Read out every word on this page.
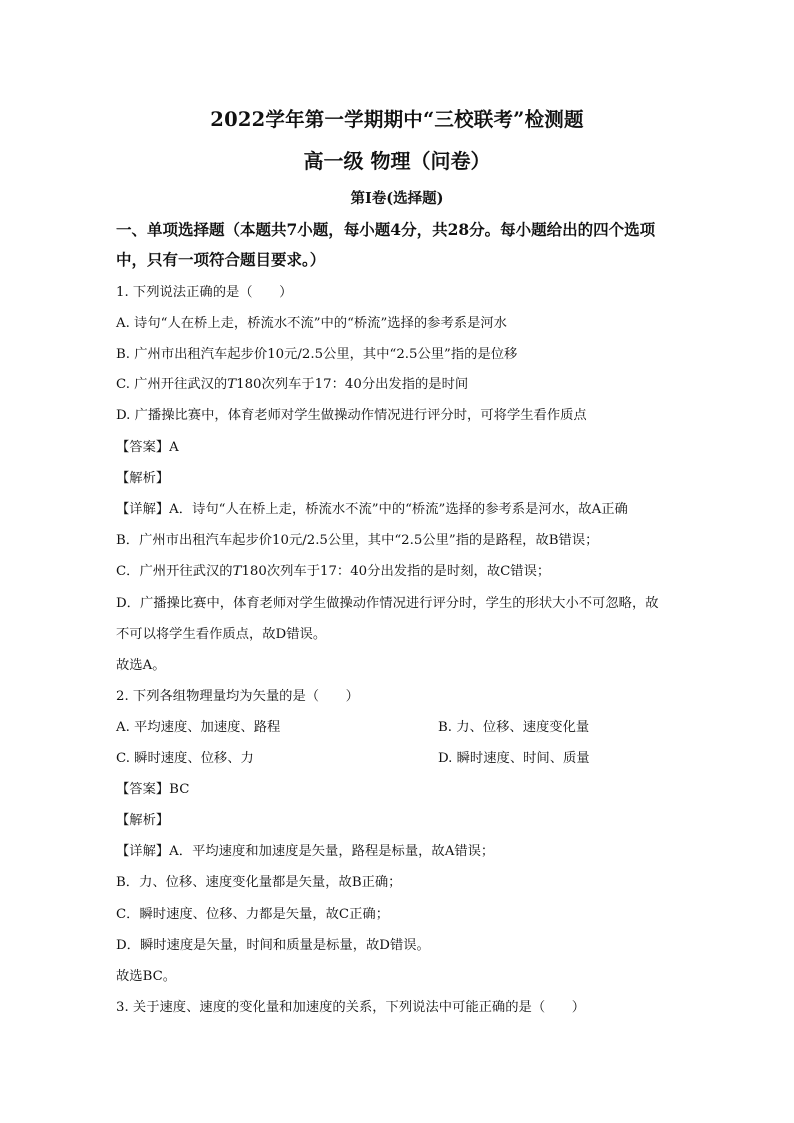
2022学年第一学期期中“三校联考”检测题
高一级 物理（问卷）
第Ⅰ卷(选择题)
一、单项选择题（本题共7小题，每小题4分，共28分。每小题给出的四个选项
中，只有一项符合题目要求。）
1. 下列说法正确的是（　　）
A. 诗句“人在桥上走，桥流水不流”中的“桥流”选择的参考系是河水
B. 广州市出租汽车起步价10元/2.5公里，其中“2.5公里”指的是位移
C. 广州开往武汉的T180次列车于17：40分出发指的是时间
D. 广播操比赛中，体育老师对学生做操动作情况进行评分时，可将学生看作质点
【答案】A
【解析】
【详解】A．诗句“人在桥上走，桥流水不流”中的“桥流”选择的参考系是河水，故A正确
B．广州市出租汽车起步价10元/2.5公里，其中“2.5公里”指的是路程，故B错误；
C．广州开往武汉的T180次列车于17：40分出发指的是时刻，故C错误；
D．广播操比赛中，体育老师对学生做操动作情况进行评分时，学生的形状大小不可忽略，故
不可以将学生看作质点，故D错误。
故选A。
2. 下列各组物理量均为矢量的是（　　）
A. 平均速度、加速度、路程	B. 力、位移、速度变化量
C. 瞬时速度、位移、力	D. 瞬时速度、时间、质量
【答案】BC
【解析】
【详解】A．平均速度和加速度是矢量，路程是标量，故A错误；
B．力、位移、速度变化量都是矢量，故B正确；
C．瞬时速度、位移、力都是矢量，故C正确；
D．瞬时速度是矢量，时间和质量是标量，故D错误。
故选BC。
3. 关于速度、速度的变化量和加速度的关系，下列说法中可能正确的是（　　）
